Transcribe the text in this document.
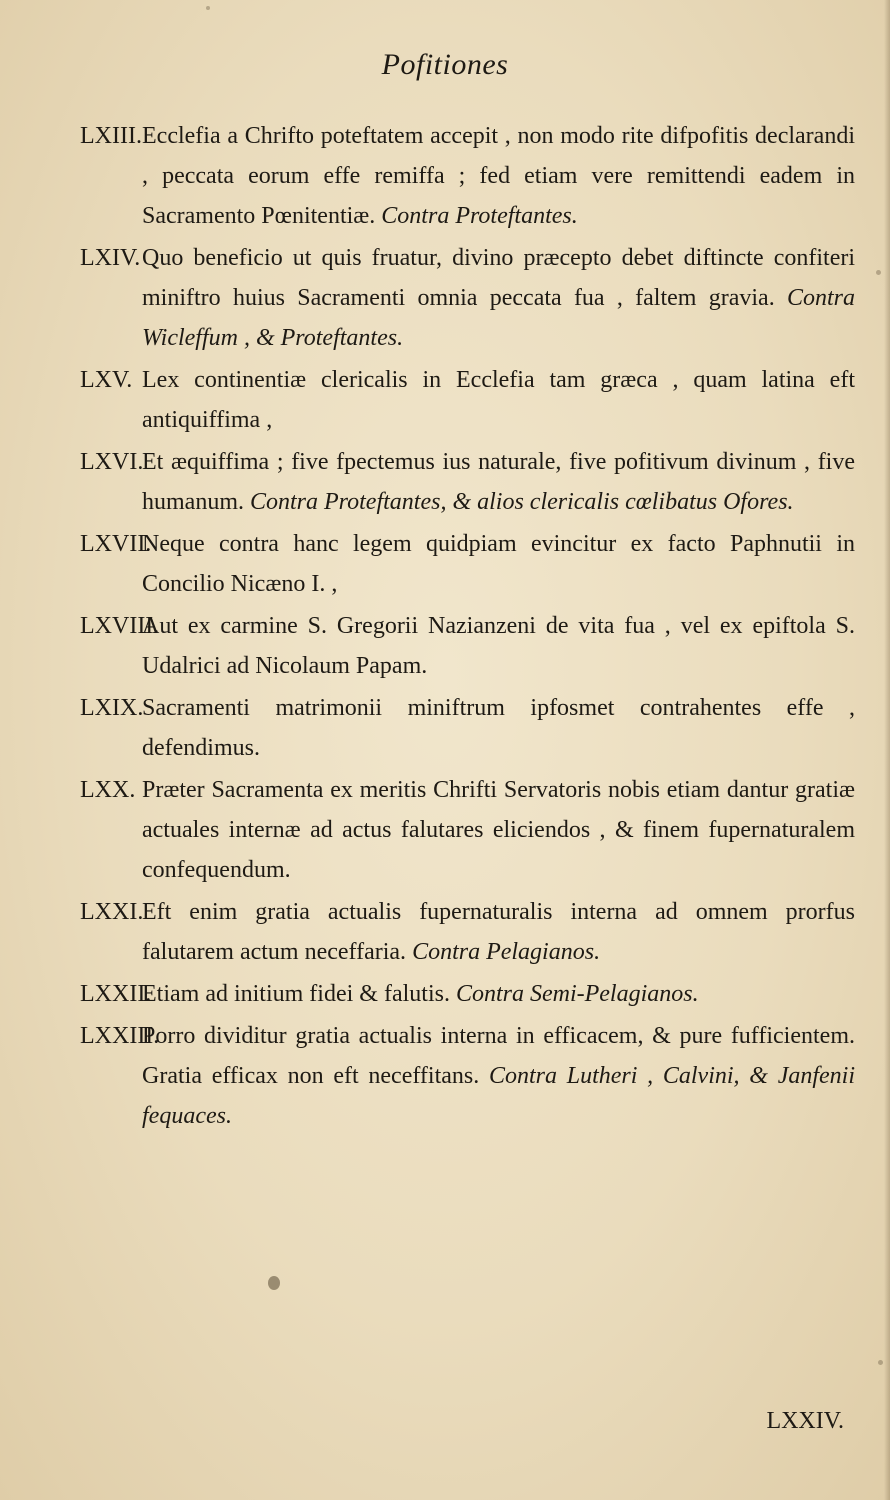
Pofitiones
LXIII. Ecclefia a Chrifto poteftatem accepit , non modo rite difpofitis declarandi , peccata eorum effe remiffa ; fed etiam vere remittendi eadem in Sacramento Pœnitentiæ. Contra Proteftantes.
LXIV. Quo beneficio ut quis fruatur, divino præcepto debet diftincte confiteri miniftro huius Sacramenti omnia peccata fua , faltem gravia. Contra Wicleffum , & Proteftantes.
LXV. Lex continentiæ clericalis in Ecclefia tam græca , quam latina eft antiquiffima ,
LXVI.
Et æquiffima ; five fpectemus ius naturale, five pofitivum divinum , five humanum. Contra Proteftantes, & alios clericalis cœlibatus Ofores.
LXVII.
Neque contra hanc legem quidpiam evincitur ex facto Paphnutii in Concilio Nicæno I. ,
LXVIII.
Aut ex carmine S. Gregorii Nazianzeni de vita fua , vel ex epiftola S. Udalrici ad Nicolaum Papam.
LXIX.
Sacramenti matrimonii miniftrum ipfosmet contrahentes effe , defendimus.
LXX. Præter Sacramenta ex meritis Chrifti Servatoris nobis etiam dantur gratiæ actuales internæ ad actus falutares eliciendos , & finem fupernaturalem confequendum.
LXXI.
Eft enim gratia actualis fupernaturalis interna ad omnem prorfus falutarem actum neceffaria. Contra Pelagianos.
LXXII.
Etiam ad initium fidei & falutis. Contra Semi-Pelagianos.
LXXIII.
Porro dividitur gratia actualis interna in efficacem, & pure fufficientem. Gratia efficax non eft neceffitans. Contra Lutheri , Calvini, & Janfenii fequaces.
LXXIV.
